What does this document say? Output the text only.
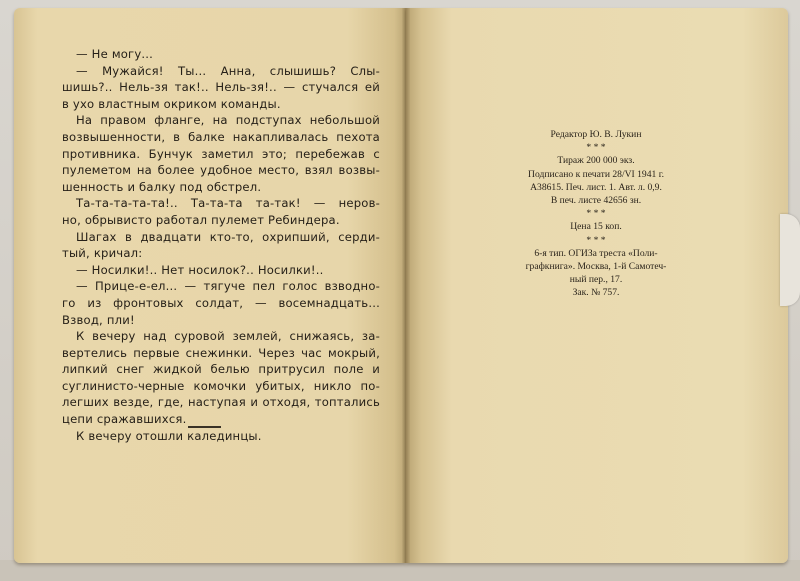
— Не могу...
— Мужайся! Ты... Анна, слышишь? Слы-
шишь?.. Нель-зя так!.. Нель-зя!.. — стучался ей
в ухо властным окриком команды.
На правом фланге, на подступах небольшой
возвышенности, в балке накапливалась пехота
противника. Бунчук заметил это; перебежав с
пулеметом на более удобное место, взял возвы-
шенность и балку под обстрел.
Та-та-та-та-та!.. Та-та-та та-так! — неров-
но, обрывисто работал пулемет Ребиндера.
Шагах в двадцати кто-то, охрипший, серди-
тый, кричал:
— Носилки!.. Нет носилок?.. Носилки!..
— Прице-е-ел... — тягуче пел голос взводно-
го из фронтовых солдат, — восемнадцать...
Взвод, пли!
К вечеру над суровой землей, снижаясь, за-
вертелись первые снежинки. Через час мокрый,
липкий снег жидкой белью притрусил поле и
суглинисто-черные комочки убитых, никло по-
легших везде, где, наступая и отходя, топтались
цепи сражавшихся.
К вечеру отошли калединцы.
Редактор Ю. В. Лукин
* * *
Тираж 200 000 экз.
Подписано к печати 28/VI 1941 г.
А38615. Печ. лист. 1. Авт. л. 0,9.
В печ. листе 42656 зн.
* * *
Цена 15 коп.
* * *
6-я тип. ОГИЗа треста «Поли-
графкнига». Москва, 1-й Самотеч-
ный пер., 17.
Зак. № 757.
